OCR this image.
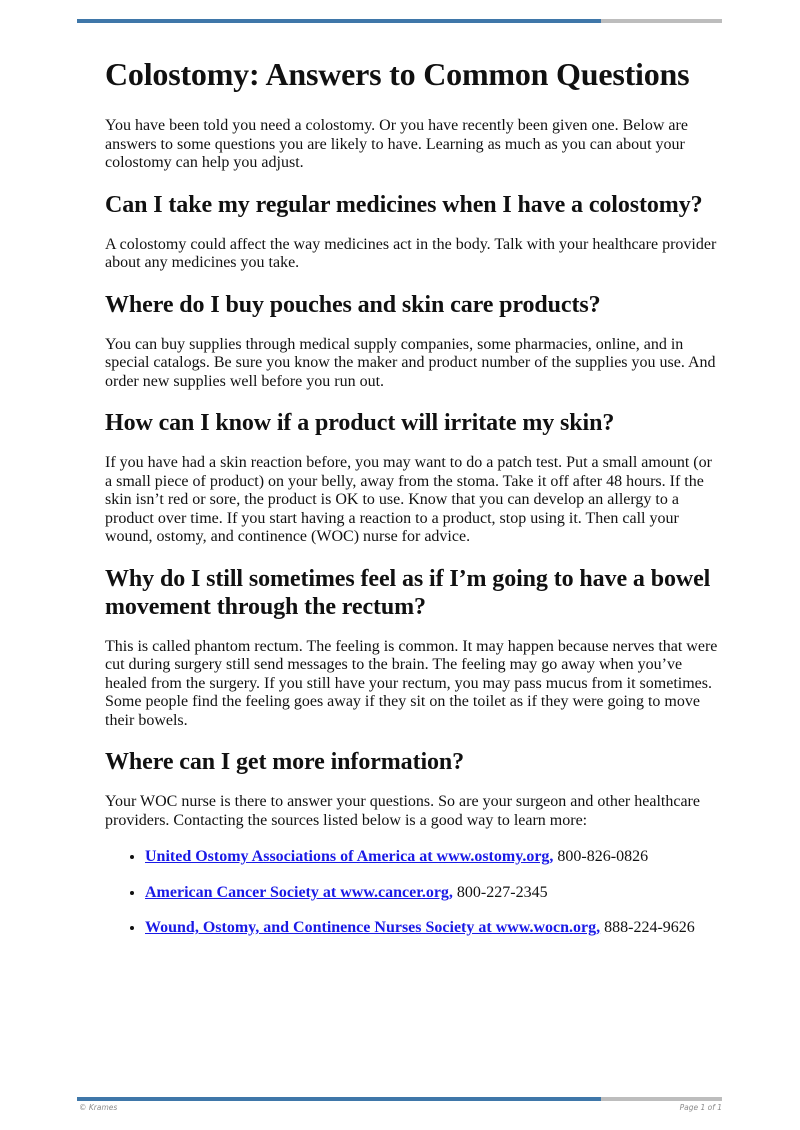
Colostomy: Answers to Common Questions

You have been told you need a colostomy. Or you have recently been given one. Below are answers to some questions you are likely to have. Learning as much as you can about your colostomy can help you adjust.

Can I take my regular medicines when I have a colostomy?

A colostomy could affect the way medicines act in the body. Talk with your healthcare provider about any medicines you take.

Where do I buy pouches and skin care products?

You can buy supplies through medical supply companies, some pharmacies, online, and in special catalogs. Be sure you know the maker and product number of the supplies you use. And order new supplies well before you run out.

How can I know if a product will irritate my skin?

If you have had a skin reaction before, you may want to do a patch test. Put a small amount (or a small piece of product) on your belly, away from the stoma. Take it off after 48 hours. If the skin isn’t red or sore, the product is OK to use. Know that you can develop an allergy to a product over time. If you start having a reaction to a product, stop using it. Then call your wound, ostomy, and continence (WOC) nurse for advice.

Why do I still sometimes feel as if I’m going to have a bowel movement through the rectum?

This is called phantom rectum. The feeling is common. It may happen because nerves that were cut during surgery still send messages to the brain. The feeling may go away when you’ve healed from the surgery. If you still have your rectum, you may pass mucus from it sometimes. Some people find the feeling goes away if they sit on the toilet as if they were going to move their bowels.

Where can I get more information?

Your WOC nurse is there to answer your questions. So are your surgeon and other healthcare providers. Contacting the sources listed below is a good way to learn more:

• United Ostomy Associations of America at www.ostomy.org, 800-826-0826
• American Cancer Society at www.cancer.org, 800-227-2345
• Wound, Ostomy, and Continence Nurses Society at www.wocn.org, 888-224-9626
© Krames	Page 1 of 1
